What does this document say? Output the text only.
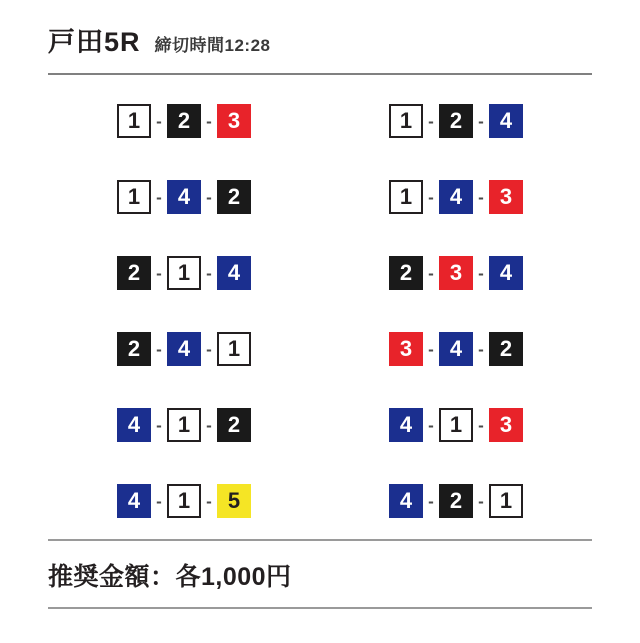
戸田5R 締切時間12:28
1 - 2 - 3	1 - 2 - 4
1 - 4 - 2	1 - 4 - 3
2 - 1 - 4	2 - 3 - 4
2 - 4 - 1	3 - 4 - 2
4 - 1 - 2	4 - 1 - 3
4 - 1 - 5	4 - 2 - 1
推奨金額：各1,000円
